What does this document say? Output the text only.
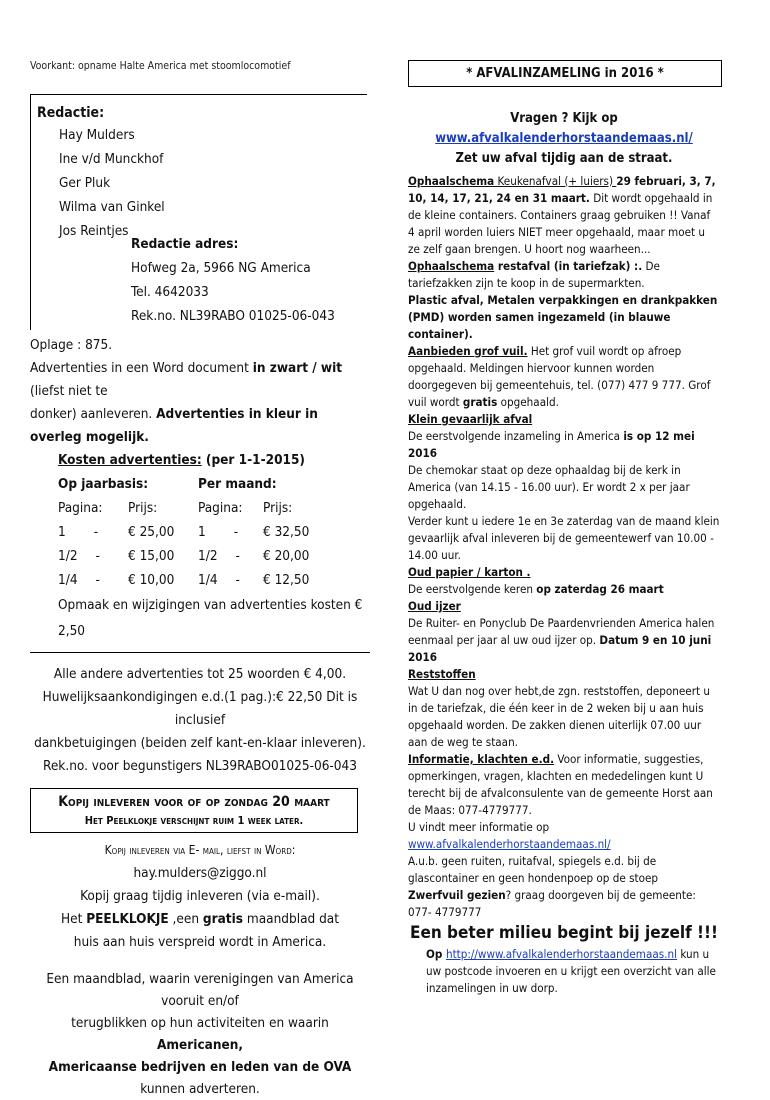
Voorkant: opname Halte America met stoomlocomotief
Redactie:
Hay Mulders
Ine v/d Munckhof
Ger Pluk
Wilma van Ginkel
Jos Reintjes
Redactie adres:
Hofweg 2a, 5966 NG America
Tel. 4642033
Rek.no. NL39RABO 01025-06-043
Oplage : 875.
Advertenties in een Word document in zwart / wit (liefst niet te
donker) aanleveren. Advertenties in kleur in overleg mogelijk.
Kosten advertenties: (per 1-1-2015)
Op jaarbasis:		Per maand:	
Pagina:		Prijs:	Pagina:		Prijs:
1 -		€ 25,00	1 -		€ 32,50
1/2 -		€ 15,00	1/2 -		€ 20,00
1/4 -		€ 10,00	1/4 -		€ 12,50
Opmaak en wijzigingen van advertenties kosten € 2,50
Alle andere advertenties tot 25 woorden € 4,00.
Huwelijksaankondigingen e.d.(1 pag.):€ 22,50 Dit is inclusief
dankbetuigingen (beiden zelf kant-en-klaar inleveren).
Rek.no. voor begunstigers NL39RABO01025-06-043
Kopij inleveren voor of op zondag 20 maart
Het Peelklokje verschijnt ruim 1 week later.
Kopij inleveren via E- mail, liefst in Word:
hay.mulders@ziggo.nl
Kopij graag tijdig inleveren (via e-mail).
Het PEELKLOKJE ,een gratis maandblad dat
huis aan huis verspreid wordt in America.
Een maandblad, waarin verenigingen van America vooruit en/of
terugblikken op hun activiteiten en waarin Americanen,
Americaanse bedrijven en leden van de OVA kunnen adverteren.
* AFVALINZAMELING in 2016 *
Vragen ? Kijk op www.afvalkalenderhorstaandemaas.nl/
Zet uw afval tijdig aan de straat.

Ophaalschema Keukenafval (+ luiers) 29 februari, 3, 7, 10, 14, 17, 21, 24 en 31 maart. Dit wordt opgehaald in de kleine containers. Containers graag gebruiken !! Vanaf 4 april worden luiers NIET meer opgehaald, maar moet u ze zelf gaan brengen. U hoort nog waarheen...

Ophaalschema restafval (in tariefzak) :. De tariefzakken zijn te koop in de supermarkten.

Plastic afval, Metalen verpakkingen en drankpakken (PMD) worden samen ingezameld (in blauwe container).

Aanbieden grof vuil. Het grof vuil wordt op afroep opgehaald. Meldingen hiervoor kunnen worden doorgegeven bij gemeentehuis, tel. (077) 477 9 777. Grof vuil wordt gratis opgehaald.

Klein gevaarlijk afval
De eerstvolgende inzameling in America is op 12 mei 2016
De chemokar staat op deze ophaaldag bij de kerk in America (van 14.15 - 16.00 uur). Er wordt 2 x per jaar opgehaald.
Verder kunt u iedere 1e en 3e zaterdag van de maand klein gevaarlijk afval inleveren bij de gemeentewerf van 10.00 - 14.00 uur.

Oud papier / karton .
De eerstvolgende keren op zaterdag 26 maart

Oud ijzer
De Ruiter- en Ponyclub De Paardenvrienden America halen eenmaal per jaar al uw oud ijzer op. Datum 9 en 10 juni 2016

Reststoffen
Wat U dan nog over hebt,de zgn. reststoffen, deponeert u in de tariefzak, die één keer in de 2 weken bij u aan huis opgehaald worden. De zakken dienen uiterlijk 07.00 uur aan de weg te staan.

Informatie, klachten e.d. Voor informatie, suggesties, opmerkingen, vragen, klachten en mededelingen kunt U terecht bij de afvalconsulente van de gemeente Horst aan de Maas: 077-4779777.

U vindt meer informatie op www.afvalkalenderhorstaandemaas.nl/

A.u.b. geen ruiten, ruitafval, spiegels e.d. bij de glascontainer en geen hondenpoep op de stoep

Zwerfvuil gezien? graag doorgeven bij de gemeente: 077- 4779777

Een beter milieu begint bij jezelf !!!

Op http://www.afvalkalenderhorstaandemaas.nl kun u uw postcode invoeren en u krijgt een overzicht van alle inzamelingen in uw dorp.
